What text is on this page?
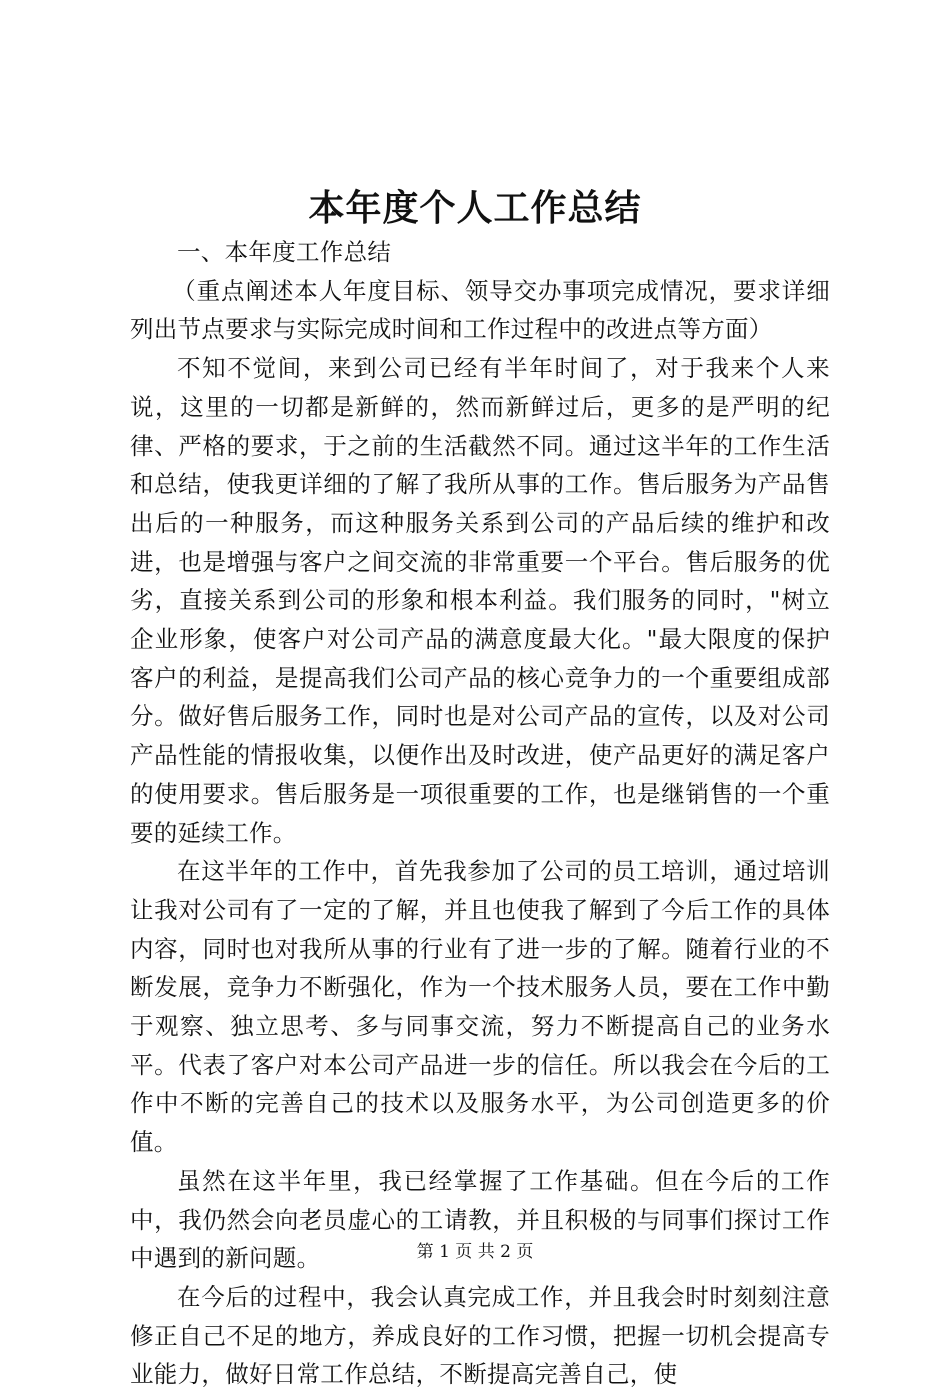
本年度个人工作总结

一、本年度工作总结

（重点阐述本人年度目标、领导交办事项完成情况，要求详细列出节点要求与实际完成时间和工作过程中的改进点等方面）

不知不觉间，来到公司已经有半年时间了，对于我来个人来说，这里的一切都是新鲜的，然而新鲜过后，更多的是严明的纪律、严格的要求，于之前的生活截然不同。通过这半年的工作生活和总结，使我更详细的了解了我所从事的工作。售后服务为产品售出后的一种服务，而这种服务关系到公司的产品后续的维护和改进，也是增强与客户之间交流的非常重要一个平台。售后服务的优劣，直接关系到公司的形象和根本利益。我们服务的同时，"树立企业形象，使客户对公司产品的满意度最大化。"最大限度的保护客户的利益，是提高我们公司产品的核心竞争力的一个重要组成部分。做好售后服务工作，同时也是对公司产品的宣传，以及对公司产品性能的情报收集，以便作出及时改进，使产品更好的满足客户的使用要求。售后服务是一项很重要的工作，也是继销售的一个重要的延续工作。

在这半年的工作中，首先我参加了公司的员工培训，通过培训让我对公司有了一定的了解，并且也使我了解到了今后工作的具体内容，同时也对我所从事的行业有了进一步的了解。随着行业的不断发展，竞争力不断强化，作为一个技术服务人员，要在工作中勤于观察、独立思考、多与同事交流，努力不断提高自己的业务水平。代表了客户对本公司产品进一步的信任。所以我会在今后的工作中不断的完善自己的技术以及服务水平，为公司创造更多的价值。

虽然在这半年里，我已经掌握了工作基础。但在今后的工作中，我仍然会向老员虚心的工请教，并且积极的与同事们探讨工作中遇到的新问题。

在今后的过程中，我会认真完成工作，并且我会时时刻刻注意修正自己不足的地方，养成良好的工作习惯，把握一切机会提高专业能力，做好日常工作总结，不断提高完善自己，使

第 1 页 共 2 页
